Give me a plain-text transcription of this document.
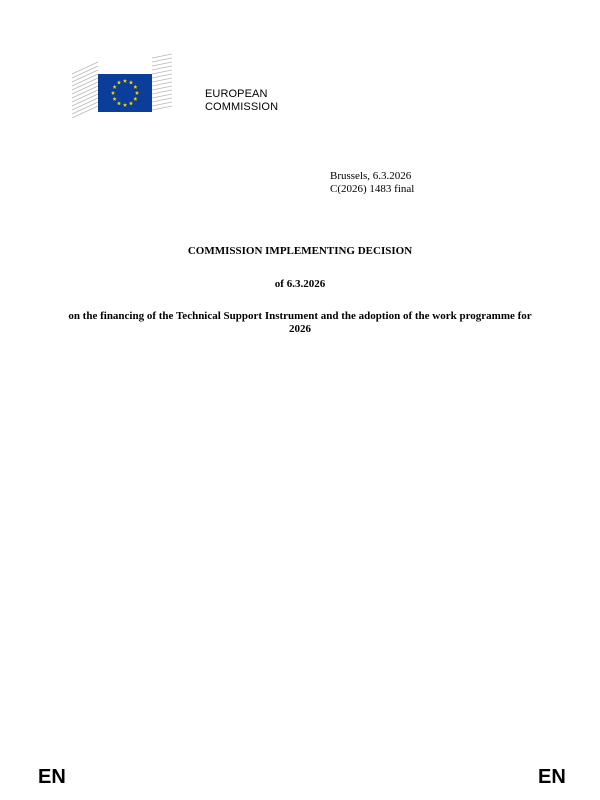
EUROPEAN
COMMISSION
Brussels, 6.3.2026
C(2026) 1483 final
COMMISSION IMPLEMENTING DECISION
of 6.3.2026
on the financing of the Technical Support Instrument and the adoption of the work programme for 2026
EN	EN
